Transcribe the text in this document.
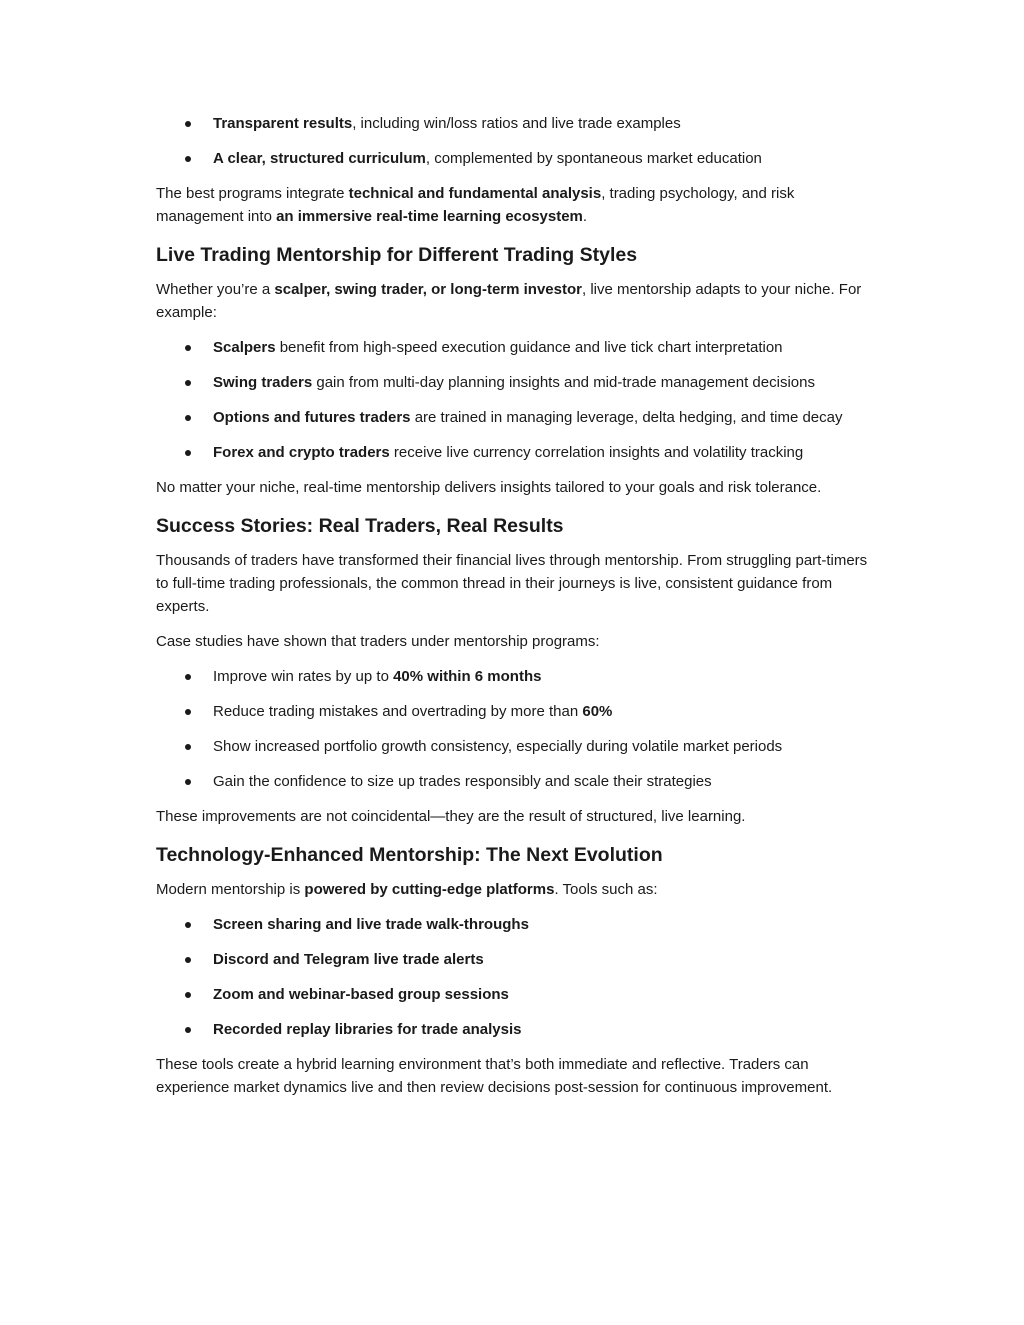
Transparent results, including win/loss ratios and live trade examples
A clear, structured curriculum, complemented by spontaneous market education

The best programs integrate technical and fundamental analysis, trading psychology, and risk management into an immersive real-time learning ecosystem.

Live Trading Mentorship for Different Trading Styles

Whether you’re a scalper, swing trader, or long-term investor, live mentorship adapts to your niche. For example:

Scalpers benefit from high-speed execution guidance and live tick chart interpretation
Swing traders gain from multi-day planning insights and mid-trade management decisions
Options and futures traders are trained in managing leverage, delta hedging, and time decay
Forex and crypto traders receive live currency correlation insights and volatility tracking

No matter your niche, real-time mentorship delivers insights tailored to your goals and risk tolerance.

Success Stories: Real Traders, Real Results

Thousands of traders have transformed their financial lives through mentorship. From struggling part-timers to full-time trading professionals, the common thread in their journeys is live, consistent guidance from experts.

Case studies have shown that traders under mentorship programs:

Improve win rates by up to 40% within 6 months
Reduce trading mistakes and overtrading by more than 60%
Show increased portfolio growth consistency, especially during volatile market periods
Gain the confidence to size up trades responsibly and scale their strategies

These improvements are not coincidental—they are the result of structured, live learning.

Technology-Enhanced Mentorship: The Next Evolution

Modern mentorship is powered by cutting-edge platforms. Tools such as:

Screen sharing and live trade walk-throughs
Discord and Telegram live trade alerts
Zoom and webinar-based group sessions
Recorded replay libraries for trade analysis

These tools create a hybrid learning environment that’s both immediate and reflective. Traders can experience market dynamics live and then review decisions post-session for continuous improvement.
